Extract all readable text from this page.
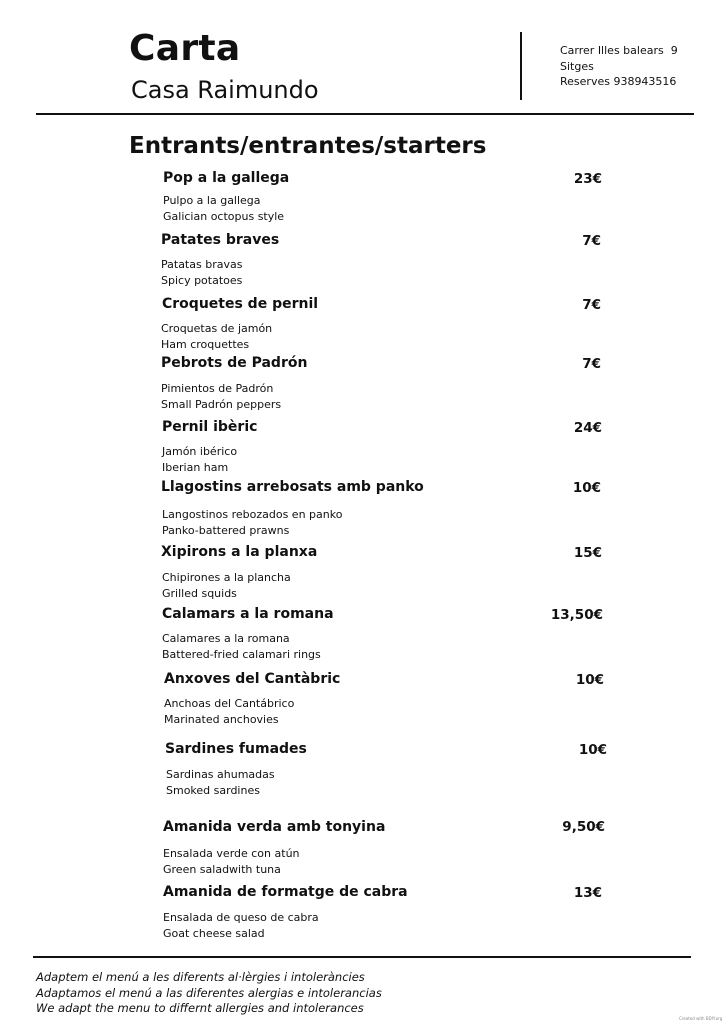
Carta
Casa Raimundo
Carrer Illes balears  9
Sitges
Reserves 938943516
Entrants/entrantes/starters
Pop a la gallega	23€
Pulpo a la gallega
Galician octopus style
Patates braves	7€
Patatas bravas
Spicy potatoes
Croquetes de pernil	7€
Croquetas de jamón
Ham croquettes
Pebrots de Padrón	7€
Pimientos de Padrón
Small Padrón peppers
Pernil ibèric	24€
Jamón ibérico
Iberian ham
Llagostins arrebosats amb panko	10€
Langostinos rebozados en panko
Panko-battered prawns
Xipirons a la planxa	15€
Chipirones a la plancha
Grilled squids
Calamars a la romana	13,50€
Calamares a la romana
Battered-fried calamari rings
Anxoves del Cantàbric	10€
Anchoas del Cantábrico
Marinated anchovies
Sardines fumades	10€
Sardinas ahumadas
Smoked sardines
Amanida verda amb tonyina	9,50€
Ensalada verde con atún
Green saladwith tuna
Amanida de formatge de cabra	13€
Ensalada de queso de cabra
Goat cheese salad
Adaptem el menú a les diferents al·lèrgies i intoleràncies
Adaptamos el menú a las diferentes alergias e intolerancias
We adapt the menu to differnt allergies and intolerances
Created with BDIY.org
